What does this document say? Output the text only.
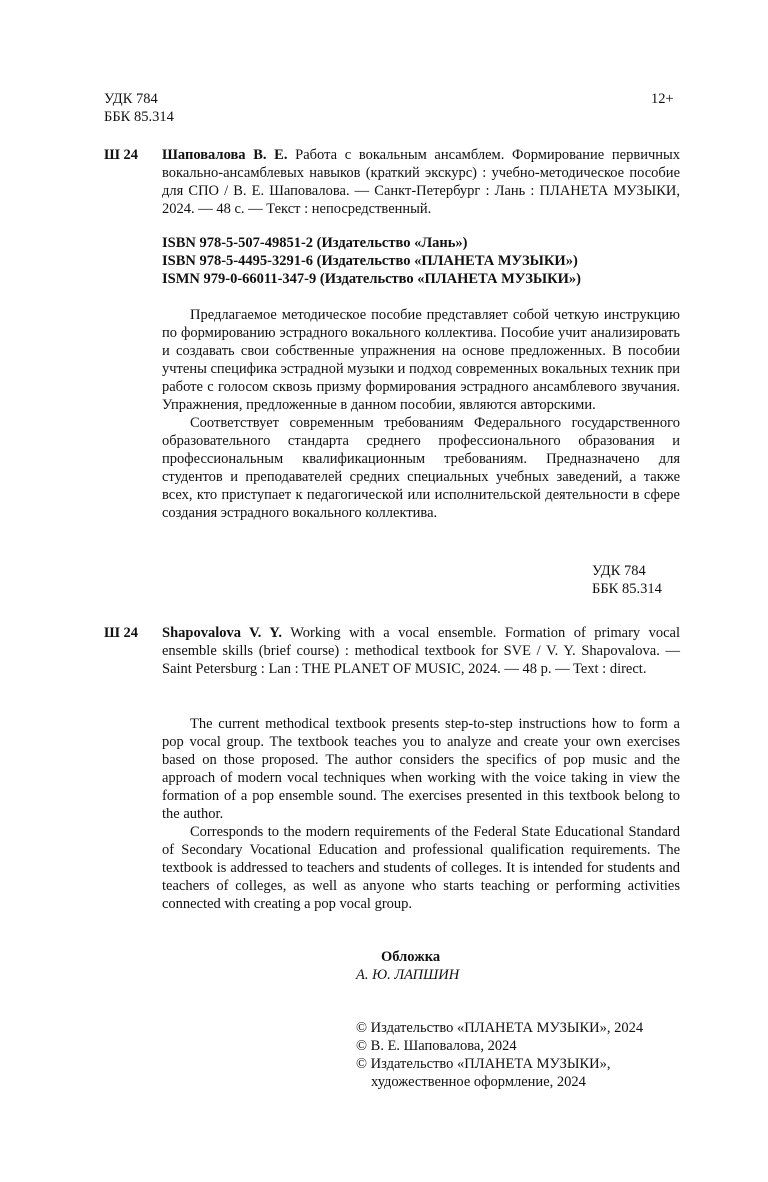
УДК 784
ББК 85.314
12+
Ш 24 Шаповалова В. Е. Работа с вокальным ансамблем. Формирование первичных вокально-ансамблевых навыков (краткий экскурс) : учебно-методическое пособие для СПО / В. Е. Шаповалова. — Санкт-Петербург : Лань : ПЛАНЕТА МУЗЫКИ, 2024. — 48 с. — Текст : непосредственный.
ISBN 978-5-507-49851-2 (Издательство «Лань»)
ISBN 978-5-4495-3291-6 (Издательство «ПЛАНЕТА МУЗЫКИ»)
ISMN 979-0-66011-347-9 (Издательство «ПЛАНЕТА МУЗЫКИ»)

Предлагаемое методическое пособие представляет собой четкую инструкцию по формированию эстрадного вокального коллектива. Пособие учит анализировать и создавать свои собственные упражнения на основе предложенных. В пособии учтены специфика эстрадной музыки и подход современных вокальных техник при работе с голосом сквозь призму формирования эстрадного ансамблевого звучания. Упражнения, предложенные в данном пособии, являются авторскими.

Соответствует современным требованиям Федерального государственного образовательного стандарта среднего профессионального образования и профессиональным квалификационным требованиям. Предназначено для студентов и преподавателей средних специальных учебных заведений, а также всех, кто приступает к педагогической или исполнительской деятельности в сфере создания эстрадного вокального коллектива.

УДК 784
ББК 85.314
Ш 24 Shapovalova V. Y. Working with a vocal ensemble. Formation of primary vocal ensemble skills (brief course) : methodical textbook for SVE / V. Y. Shapovalova. — Saint Petersburg : Lan : THE PLANET OF MUSIC, 2024. — 48 p. — Text : direct.

The current methodical textbook presents step-to-step instructions how to form a pop vocal group. The textbook teaches you to analyze and create your own exercises based on those proposed. The author considers the specifics of pop music and the approach of modern vocal techniques when working with the voice taking in view the formation of a pop ensemble sound. The exercises presented in this textbook belong to the author.

Corresponds to the modern requirements of the Federal State Educational Standard of Secondary Vocational Education and professional qualification requirements. The textbook is addressed to teachers and students of colleges. It is intended for students and teachers of colleges, as well as anyone who starts teaching or performing activities connected with creating a pop vocal group.

Обложка
А. Ю. ЛАПШИН
© Издательство «ПЛАНЕТА МУЗЫКИ», 2024
© В. Е. Шаповалова, 2024
© Издательство «ПЛАНЕТА МУЗЫКИ»,
художественное оформление, 2024
